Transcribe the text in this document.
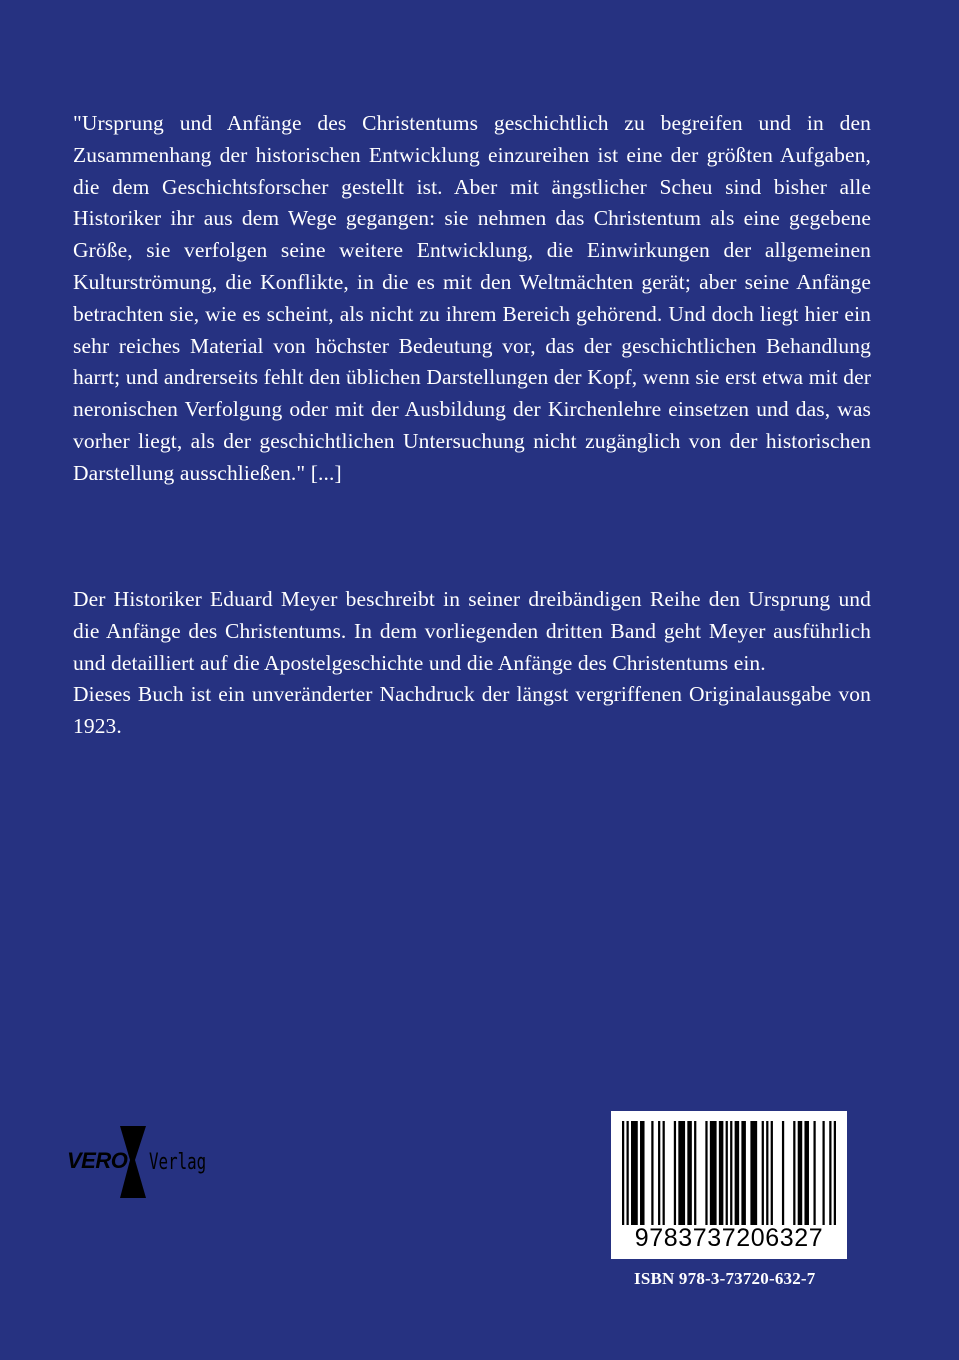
"Ursprung und Anfänge des Christentums geschichtlich zu begreifen und in den Zusammenhang der historischen Entwicklung einzureihen ist eine der größten Aufgaben, die dem Geschichtsforscher gestellt ist. Aber mit ängstlicher Scheu sind bisher alle Historiker ihr aus dem Wege gegangen: sie nehmen das Christentum als eine gegebene Größe, sie verfolgen seine weitere Entwicklung, die Einwirkungen der allgemeinen Kulturströmung, die Konflikte, in die es mit den Weltmächten gerät; aber seine Anfänge betrachten sie, wie es scheint, als nicht zu ihrem Bereich gehörend. Und doch liegt hier ein sehr reiches Material von höchster Bedeutung vor, das der geschichtlichen Behandlung harrt; und andrerseits fehlt den üblichen Darstellungen der Kopf, wenn sie erst etwa mit der neronischen Verfolgung oder mit der Ausbildung der Kirchenlehre einsetzen und das, was vorher liegt, als der geschichtlichen Untersuchung nicht zugänglich von der historischen Darstellung ausschließen." [...]

Der Historiker Eduard Meyer beschreibt in seiner dreibändigen Reihe den Ursprung und die Anfänge des Christentums. In dem vorliegenden dritten Band geht Meyer ausführlich und detailliert auf die Apostelgeschichte und die Anfänge des Christentums ein.

Dieses Buch ist ein unveränderter Nachdruck der längst vergriffenen Originalausgabe von 1923.

VERO Verlag
9783737206327
ISBN 978-3-73720-632-7
